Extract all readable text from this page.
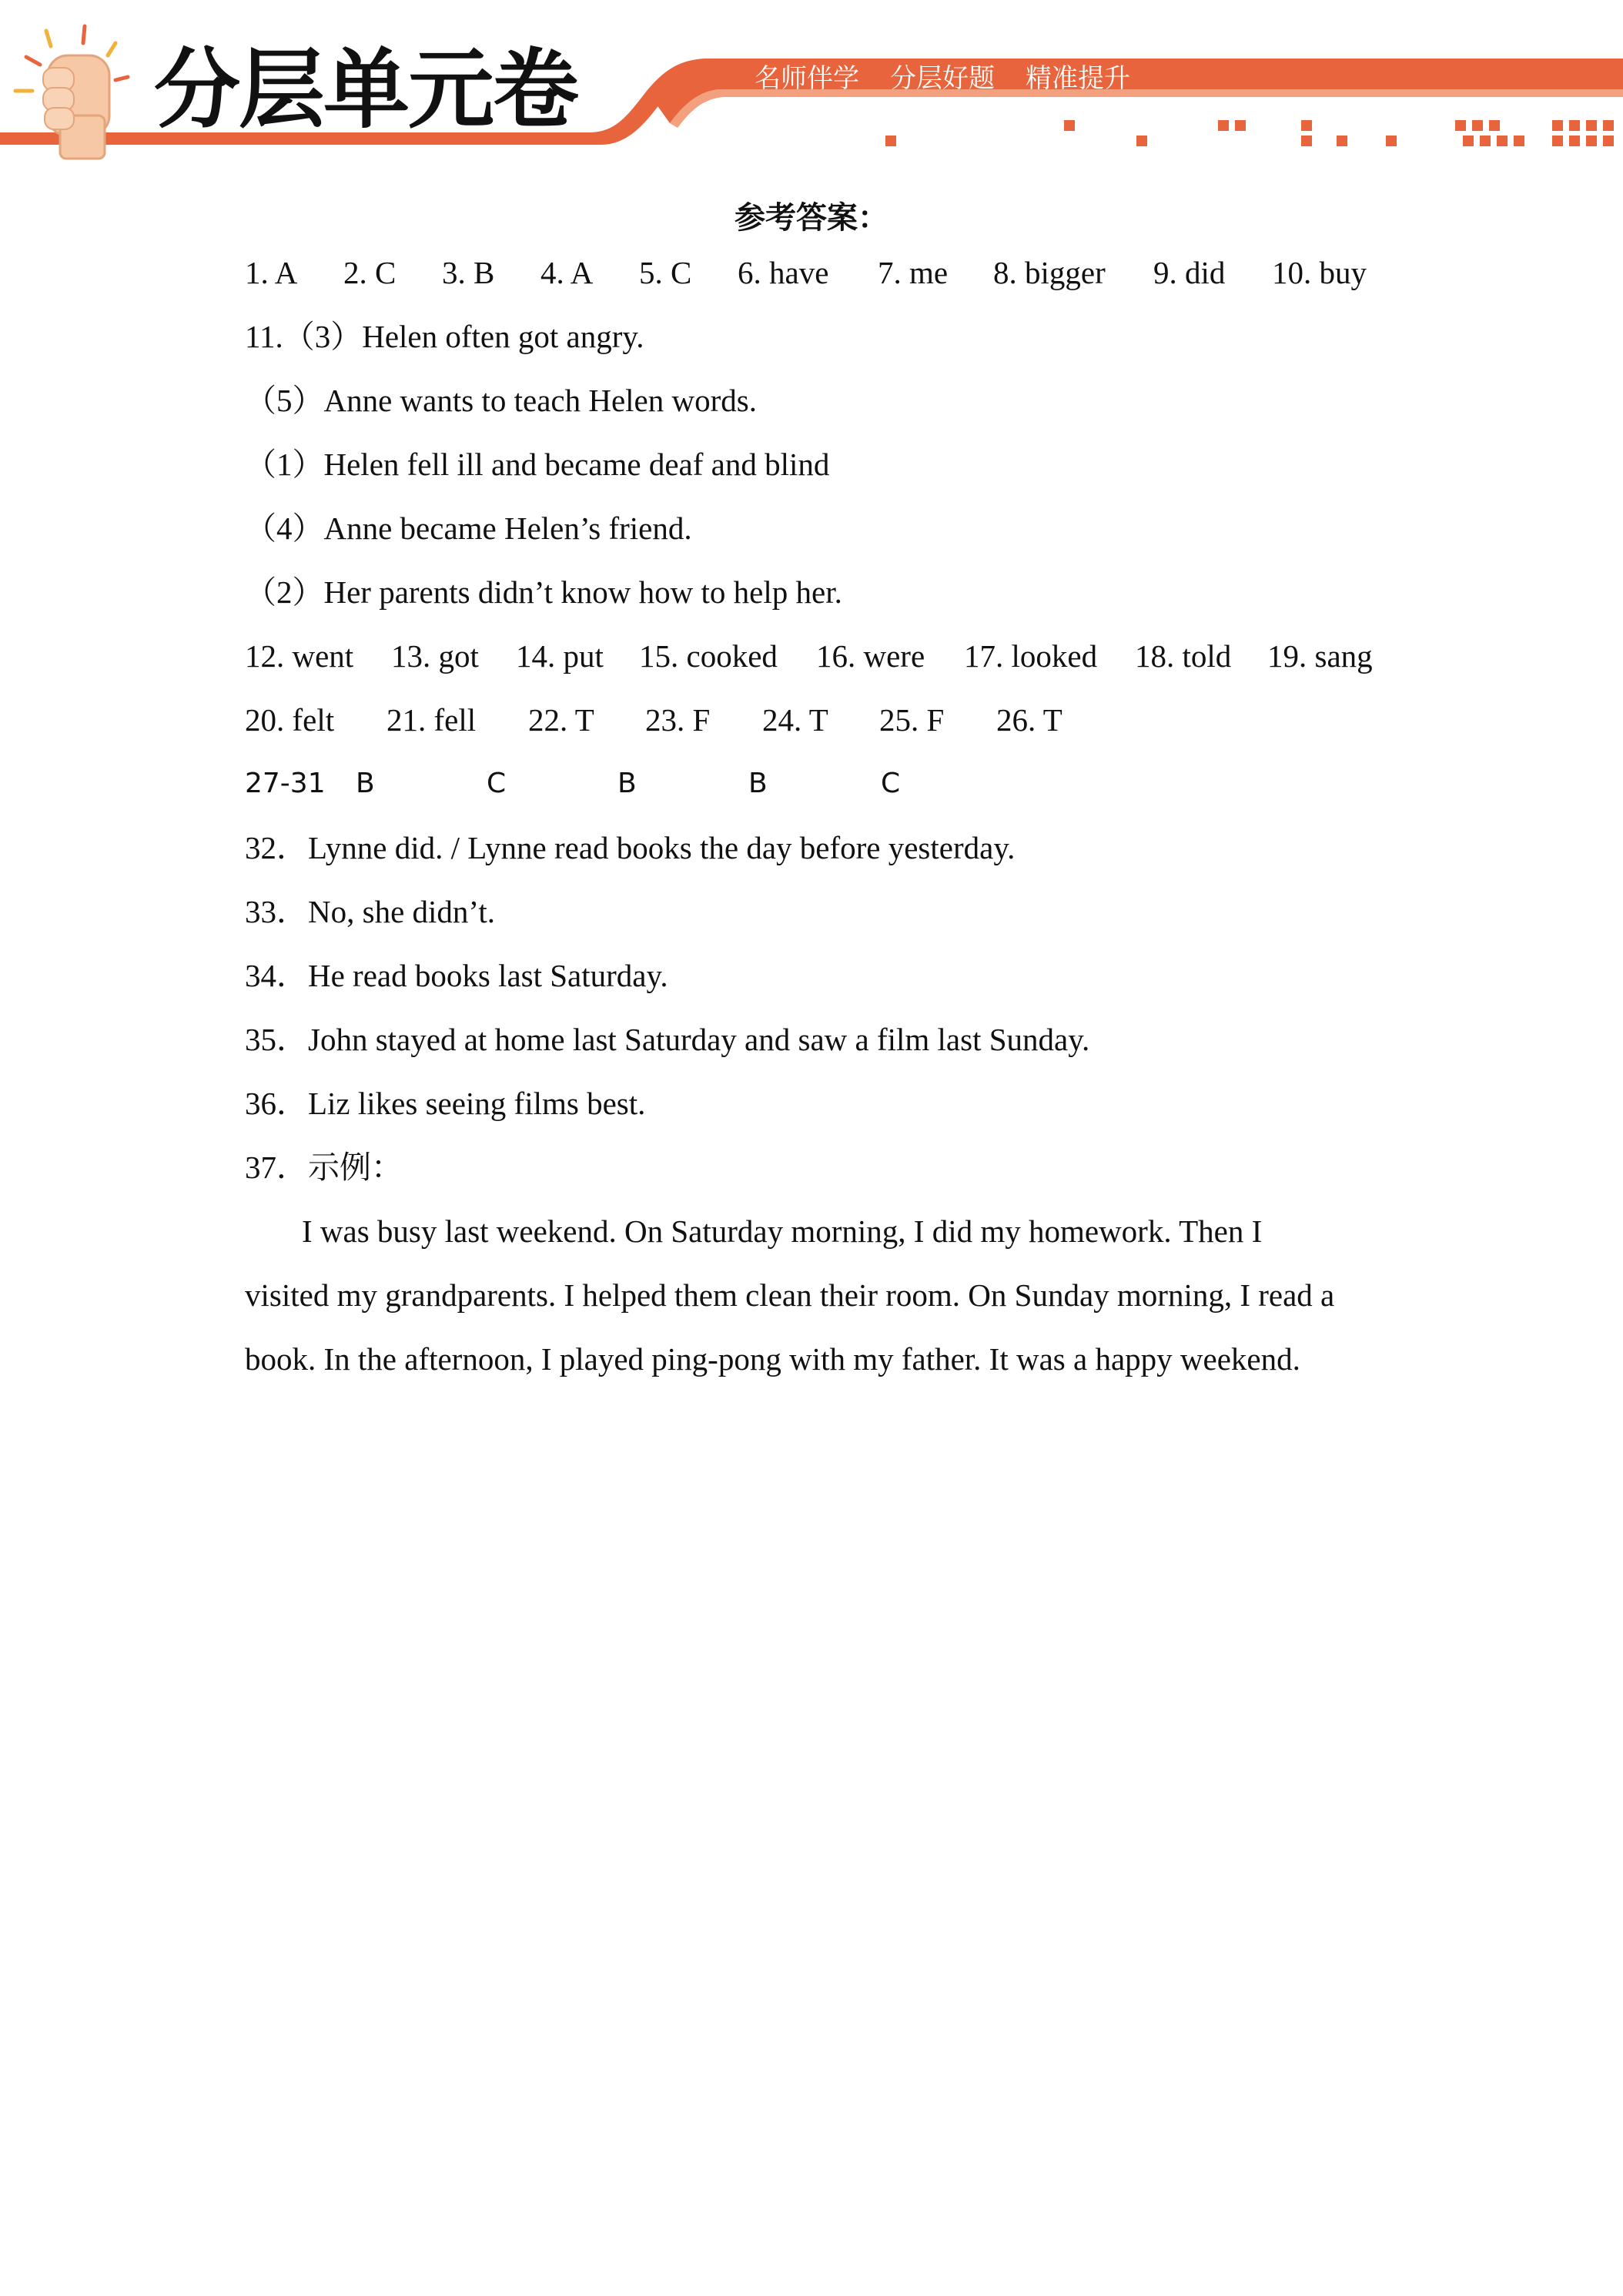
分层单元卷	名师伴学 分层好题 精准提升
参考答案：
1. A 2. C 3. B 4. A 5. C 6. have 7. me 8. bigger 9. did 10. buy
11.（3）Helen often got angry.
（5）Anne wants to teach Helen words.
（1）Helen fell ill and became deaf and blind
（4）Anne became Helen’s friend.
（2）Her parents didn’t know how to help her.
12. went 13. got 14. put 15. cooked 16. were 17. looked 18. told 19. sang
20. felt 21. fell 22. T 23. F 24. T 25. F 26. T
27-31 B	C	B	B	C
32．Lynne did. / Lynne read books the day before yesterday.
33．No, she didn’t.
34．He read books last Saturday.
35．John stayed at home last Saturday and saw a film last Sunday.
36．Liz likes seeing films best.
37．示例：
I was busy last weekend. On Saturday morning, I did my homework. Then I
visited my grandparents. I helped them clean their room. On Sunday morning, I read a
book. In the afternoon, I played ping-pong with my father. It was a happy weekend.
